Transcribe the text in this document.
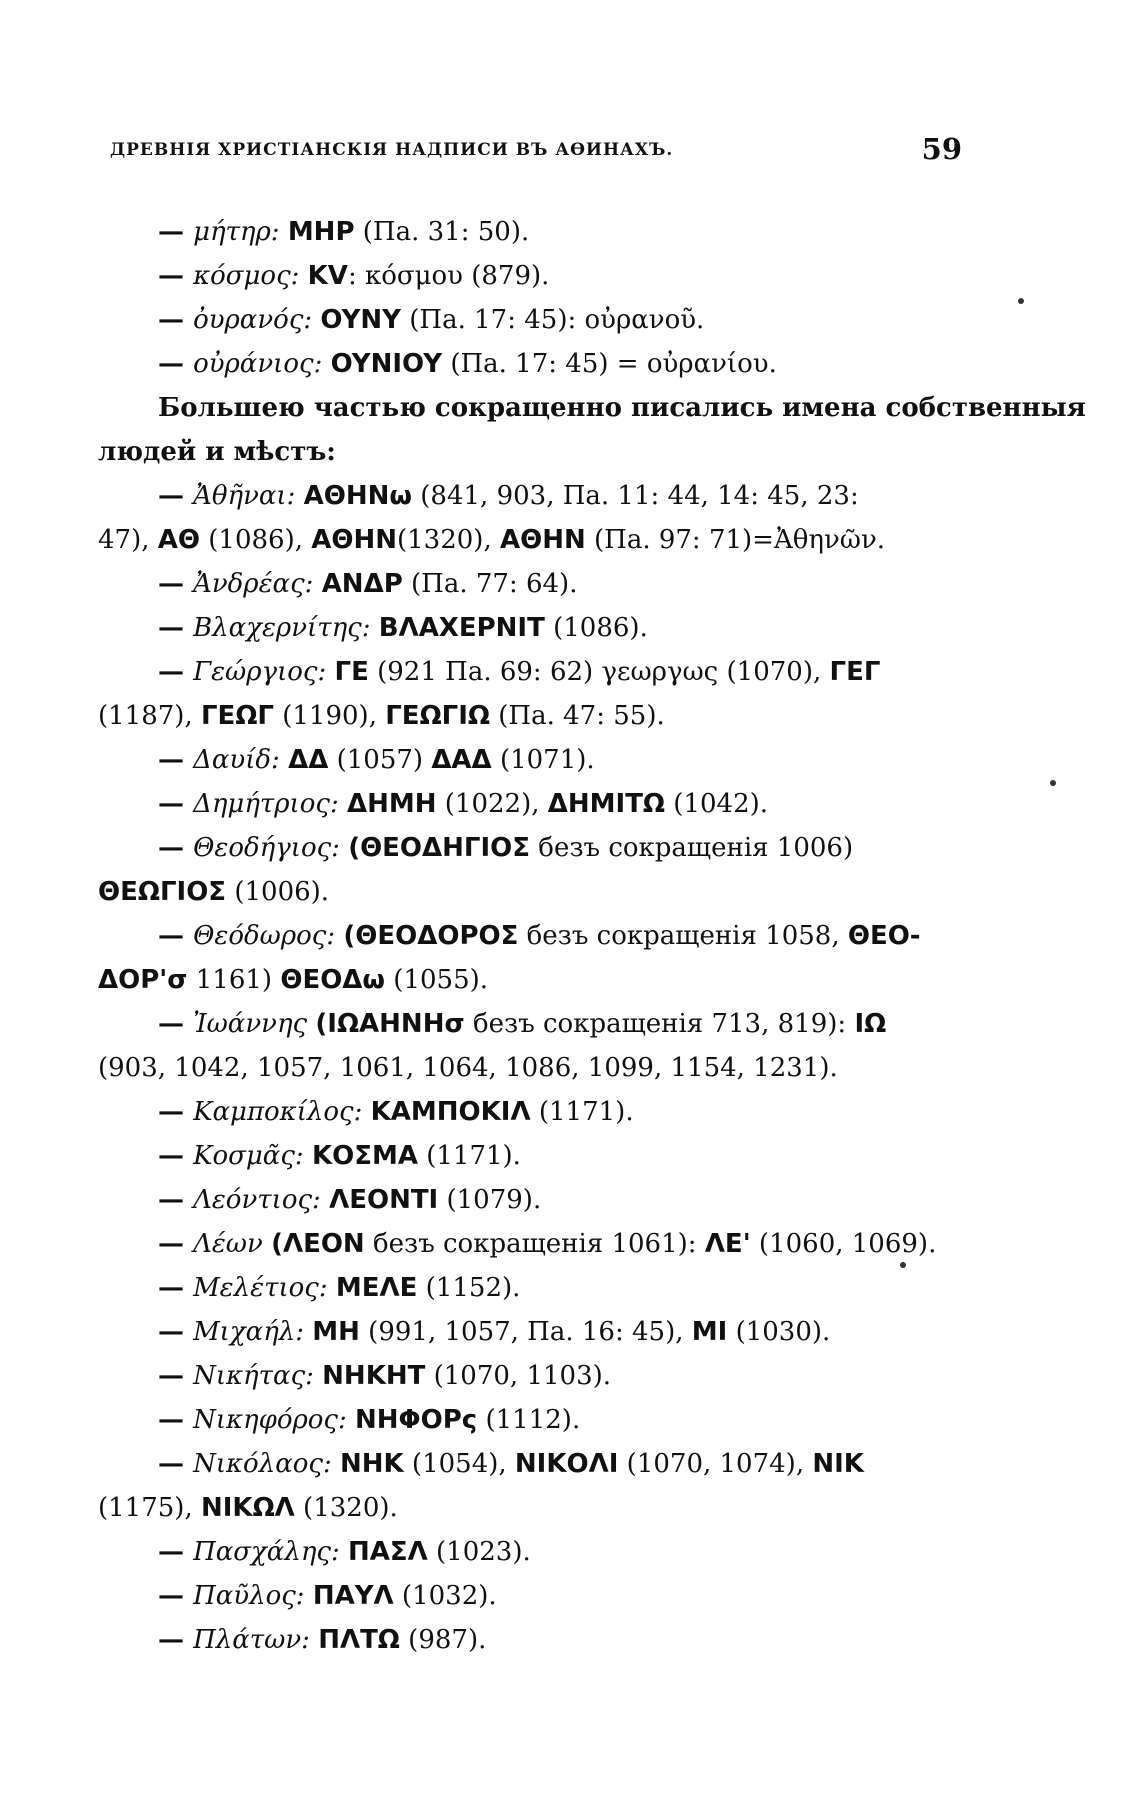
ДРЕВНІЯ ХРИСТІАНСКІЯ НАДПИСИ ВЪ АѲИНАХЪ.	59

— μήτηρ: MHP (Па. 31: 50).

— κόσμος: KV: κόσμου (879).

— ὀυρανός: OYNY (Па. 17: 45): οὐρανοῦ.

— οὐράνιος: OYNIOY (Па. 17: 45) = οὐρανίου.

Большею частью сокращенно писались имена собственныя

людей и мѣстъ:

— Ἀθῆναι: AΘHNω (841, 903, Па. 11: 44, 14: 45, 23:

47), AΘ (1086), AΘHN(1320), AΘHN (Па. 97: 71)=Ἀθηνῶν.

— Ἀνδρέας: ANΔP (Па. 77: 64).

— Βλαχερνίτης: BΛAXEPNIT (1086).

— Γεώργιος: ΓΕ (921 Па. 69: 62) γεωργως (1070), ΓΕΓ

(1187), ΓΕΩΓ (1190), ΓΕΩΓΙΩ (Па. 47: 55).

— Δαυίδ: ΔΔ (1057) ΔAΔ (1071).

— Δημήτριος: ΔHMH (1022), ΔHMITΩ (1042).

— Θεοδήγιος: (ΘΕΟΔΗΓΙΟΣ безъ сокращенія 1006)

ΘΕΩΓΙΟΣ (1006).

— Θεόδωρος: (ΘΕΟΔΟΡΟΣ безъ сокращенія 1058, ΘΕΟ-

ΔΟΡ'σ 1161) ΘΕΟΔω (1055).

— Ἰωάννης (ΙΩΑΗΝΗσ безъ сокращенія 713, 819): ΙΩ

(903, 1042, 1057, 1061, 1064, 1086, 1099, 1154, 1231).

— Καμποκίλος: ΚΑΜΠΟΚΙΛ (1171).

— Κοσμᾶς: ΚΟΣΜΑ (1171).

— Λεόντιος: ΛΕΟΝΤΙ (1079).

— Λέων (ΛΕΟΝ безъ сокращенія 1061): ΛΕ' (1060, 1069).

— Μελέτιος: ΜΕΛΕ (1152).

— Μιχαήλ: ΜΗ (991, 1057, Па. 16: 45), ΜΙ (1030).

— Νικήτας: ΝΗΚΗΤ (1070, 1103).

— Νικηφόρος: ΝΗΦΟΡς (1112).

— Νικόλαος: ΝΗΚ (1054), ΝΙΚΟΛΙ (1070, 1074), ΝΙΚ

(1175), ΝΙΚΩΛ (1320).

— Πασχάλης: ΠΑΣΛ (1023).

— Παῦλος: ΠΑΥΛ (1032).

— Πλάτων: ΠΛΤΩ (987).
